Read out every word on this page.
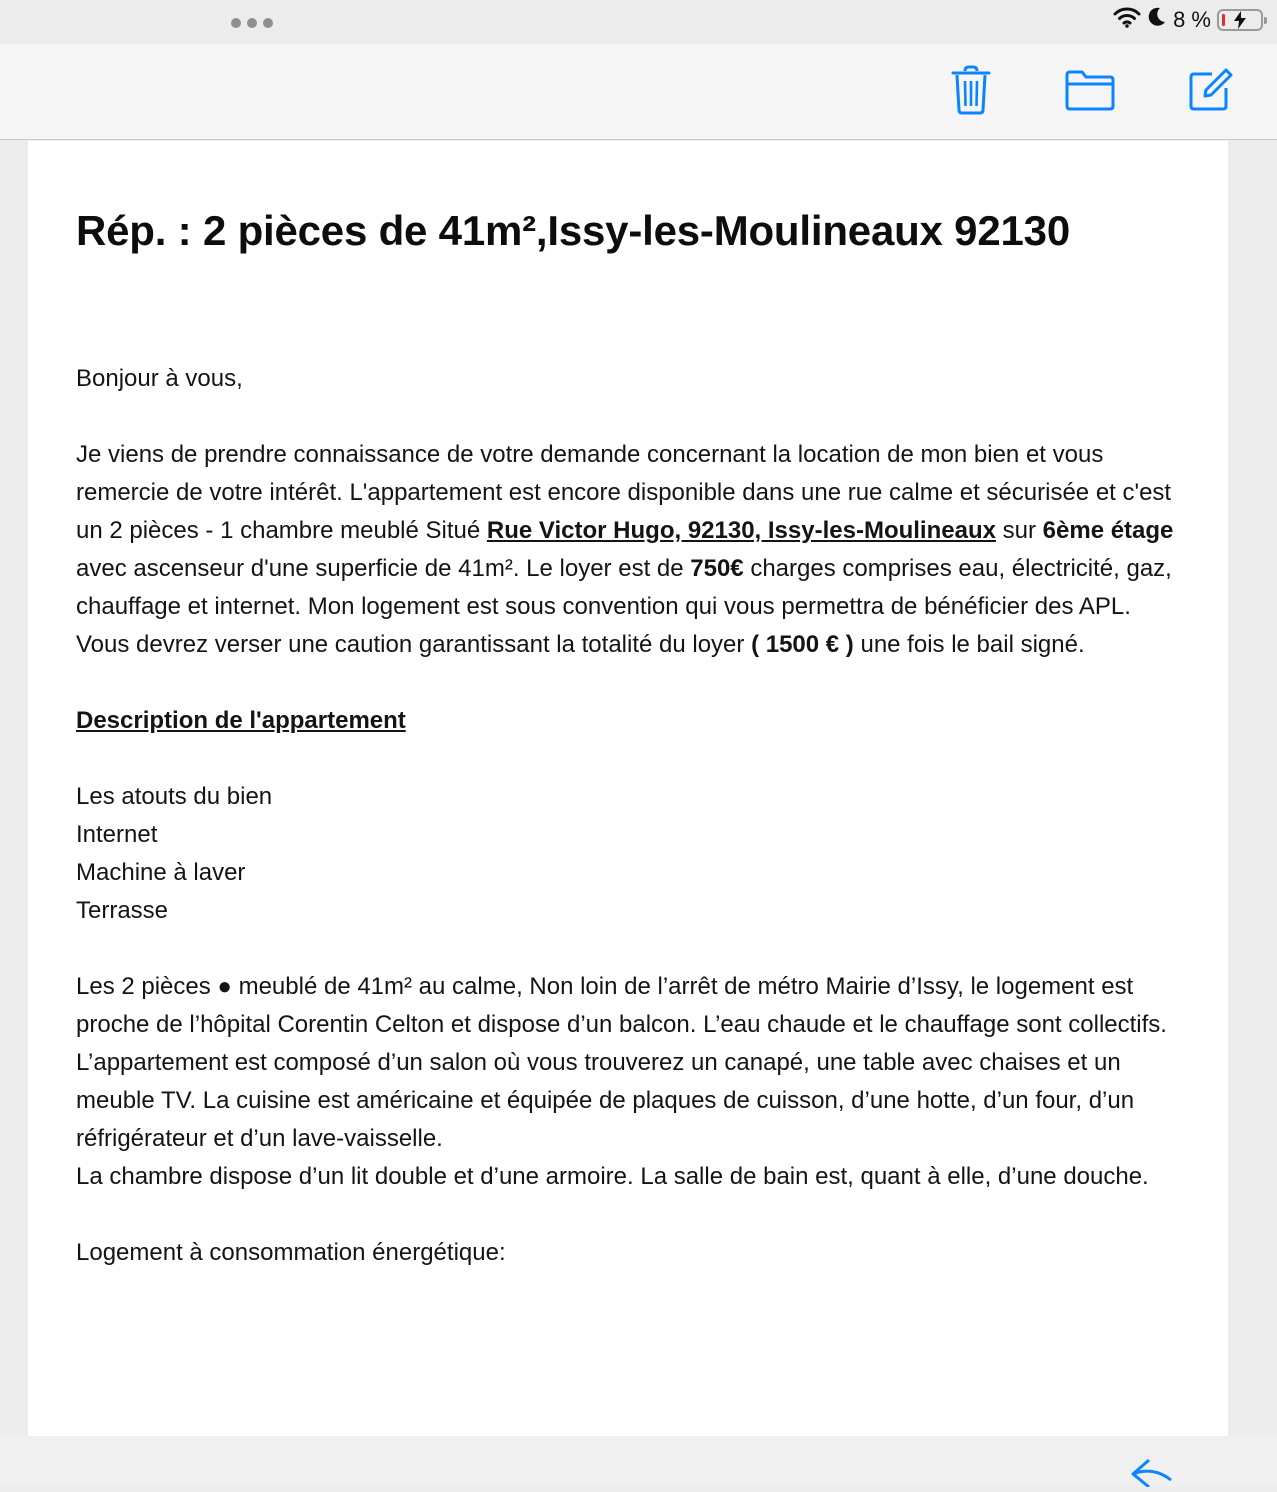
8 %
Rép. : 2 pièces de 41m²,Issy-les-Moulineaux 92130

Bonjour à vous,

Je viens de prendre connaissance de votre demande concernant la location de mon bien et vous remercie de votre intérêt. L'appartement est encore disponible dans une rue calme et sécurisée et c'est un 2 pièces - 1 chambre meublé Situé Rue Victor Hugo, 92130, Issy-les-Moulineaux sur 6ème étage avec ascenseur d'une superficie de 41m². Le loyer est de 750€ charges comprises eau, électricité, gaz, chauffage et internet. Mon logement est sous convention qui vous permettra de bénéficier des APL. Vous devrez verser une caution garantissant la totalité du loyer ( 1500 € ) une fois le bail signé.

Description de l'appartement

Les atouts du bien
Internet
Machine à laver
Terrasse

Les 2 pièces ● meublé de 41m² au calme, Non loin de l’arrêt de métro Mairie d’Issy, le logement est proche de l’hôpital Corentin Celton et dispose d’un balcon. L’eau chaude et le chauffage sont collectifs.

L’appartement est composé d’un salon où vous trouverez un canapé, une table avec chaises et un meuble TV. La cuisine est américaine et équipée de plaques de cuisson, d’une hotte, d’un four, d’un réfrigérateur et d’un lave-vaisselle.

La chambre dispose d’un lit double et d’une armoire. La salle de bain est, quant à elle, d’une douche.

Logement à consommation énergétique:
